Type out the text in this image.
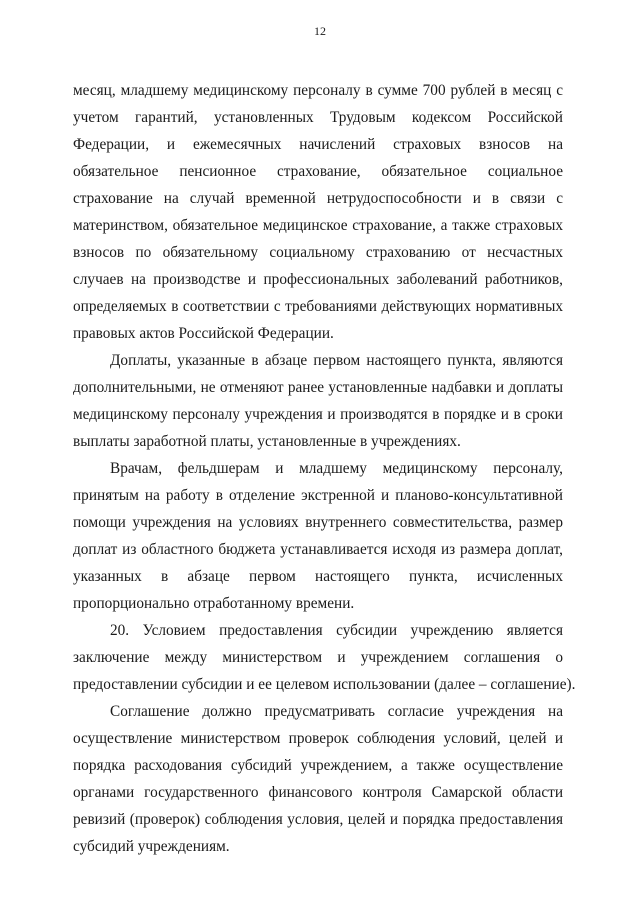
12
месяц, младшему медицинскому персоналу в сумме 700 рублей в месяц с
учетом гарантий, установленных Трудовым кодексом Российской
Федерации, и ежемесячных начислений страховых взносов на
обязательное пенсионное страхование, обязательное социальное
страхование на случай временной нетрудоспособности и в связи с
материнством, обязательное медицинское страхование, а также страховых
взносов по обязательному социальному страхованию от несчастных
случаев на производстве и профессиональных заболеваний работников,
определяемых в соответствии с требованиями действующих нормативных
правовых актов Российской Федерации.
Доплаты, указанные в абзаце первом настоящего пункта, являются
дополнительными, не отменяют ранее установленные надбавки и доплаты
медицинскому персоналу учреждения и производятся в порядке и в сроки
выплаты заработной платы, установленные в учреждениях.
Врачам, фельдшерам и младшему медицинскому персоналу,
принятым на работу в отделение экстренной и планово-консультативной
помощи учреждения на условиях внутреннего совместительства, размер
доплат из областного бюджета устанавливается исходя из размера доплат,
указанных в абзаце первом настоящего пункта, исчисленных
пропорционально отработанному времени.
20. Условием предоставления субсидии учреждению является
заключение между министерством и учреждением соглашения о
предоставлении субсидии и ее целевом использовании (далее – соглашение).
Соглашение должно предусматривать согласие учреждения на
осуществление министерством проверок соблюдения условий, целей и
порядка расходования субсидий учреждением, а также осуществление
органами государственного финансового контроля Самарской области
ревизий (проверок) соблюдения условия, целей и порядка предоставления
субсидий учреждениям.
